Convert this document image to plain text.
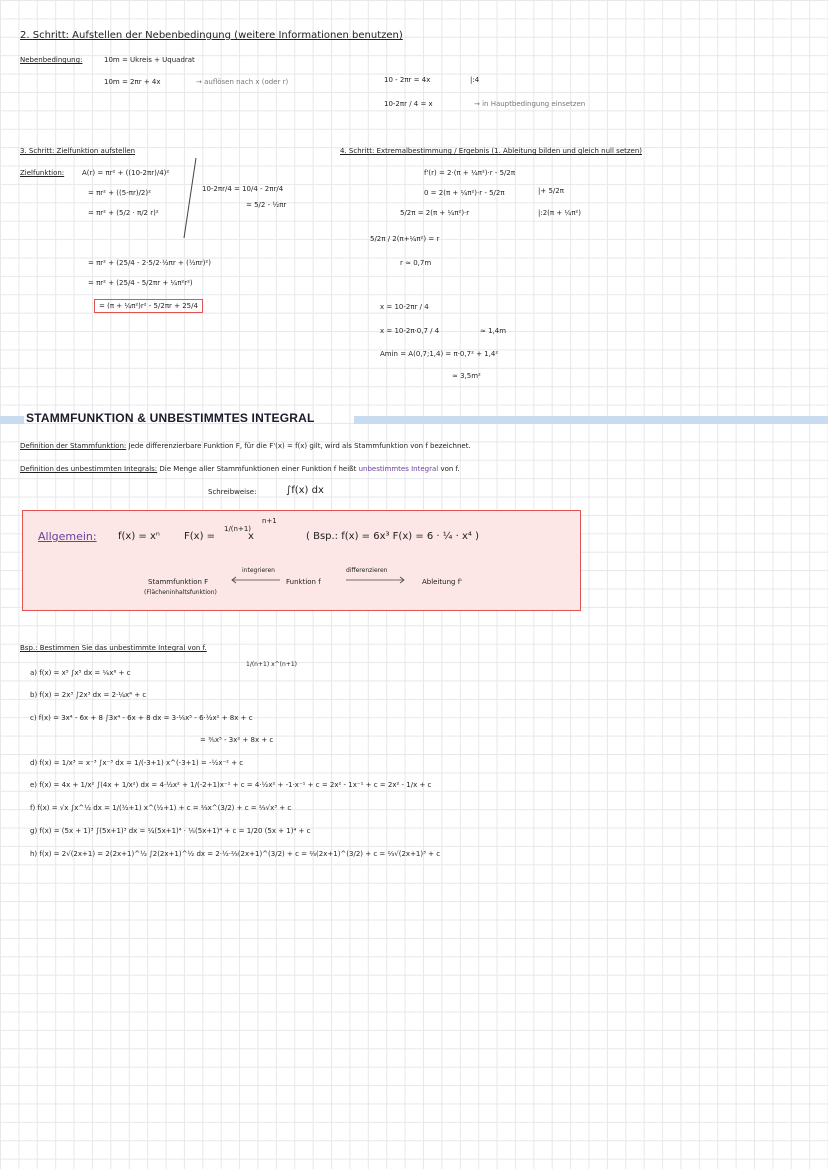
2. Schritt: Aufstellen der Nebenbedingung (weitere Informationen benutzen)
Nebenbedingung:	10m = Ukreis + Uquadrat
10m = 2πr + 4x	→ auflösen nach x (oder r)	10 - 2πr = 4x	|:4
10-2πr / 4 = x	→ in Hauptbedingung einsetzen
3. Schritt: Zielfunktion aufstellen
Zielfunktion:	A(r) = πr² + ((10-2πr)/4)²
= πr² + ((5-πr)/2)²
= πr² + (5/2 · π/2 r)²
10-2πr/4 = 10/4 - 2πr/4
= 5/2 - ½πr
= πr² + (25/4 - 2·5/2·½πr + (½πr)²)
= πr² + (25/4 - 5/2πr + ¼π²r²)
= (π + ¼π²)r² - 5/2πr + 25/4
4. Schritt: Extremalbestimmung / Ergebnis (1. Ableitung bilden und gleich null setzen)
f'(r) = 2·(π + ¼π²)·r - 5/2π
0 = 2(π + ¼π²)·r - 5/2π	|+ 5/2π
5/2π = 2(π + ¼π²)·r	|:2(π + ¼π²)
5/2π / 2(π+¼π²) = r
r ≈ 0,7m
x = 10-2πr / 4
x = 10-2π·0,7 / 4	≈ 1,4m
Amin = A(0,7;1,4) = π·0,7² + 1,4²
≈ 3,5m²
STAMMFUNKTION & UNBESTIMMTES INTEGRAL
Definition der Stammfunktion: Jede differenzierbare Funktion F, für die F'(x) = f(x) gilt, wird als Stammfunktion von f bezeichnet.
Definition des unbestimmten Integrals: Die Menge aller Stammfunktionen einer Funktion f heißt unbestimmtes Integral von f.
Schreibweise:	∫f(x) dx
Allgemein: f(x) = xⁿ F(x) =
1/(n+1)
x
n+1
( Bsp.: f(x) = 6x³ F(x) = 6 · ¼ · x⁴ )
Stammfunktion F
(Flächeninhaltsfunktion)
integrieren
Funktion f
differenzieren
Ableitung f'
Bsp.: Bestimmen Sie das unbestimmte Integral von f.
1/(n+1) x^(n+1)
a) f(x) = x⁵ ∫x⁵ dx = ⅙x⁶ + c
b) f(x) = 2x³ ∫2x³ dx = 2·¼x⁴ + c
c) f(x) = 3x⁴ - 6x + 8 ∫3x⁴ - 6x + 8 dx = 3·⅕x⁵ - 6·½x² + 8x + c
= ⅗x⁵ - 3x² + 8x + c
d) f(x) = 1/x³ = x⁻³ ∫x⁻³ dx = 1/(-3+1) x^(-3+1) = -½x⁻² + c
e) f(x) = 4x + 1/x² ∫(4x + 1/x²) dx = 4·½x² + 1/(-2+1)x⁻¹ + c = 4·½x² + -1·x⁻¹ + c = 2x² - 1x⁻¹ + c = 2x² - 1/x + c
f) f(x) = √x ∫x^½ dx = 1/(½+1) x^(½+1) + c = ⅔x^(3/2) + c = ⅔√x³ + c
g) f(x) = (5x + 1)³ ∫(5x+1)³ dx = ¼(5x+1)⁴ · ⅕(5x+1)⁴ + c = 1/20 (5x + 1)⁴ + c
h) f(x) = 2√(2x+1) = 2(2x+1)^½ ∫2(2x+1)^½ dx = 2·½·⅔(2x+1)^(3/2) + c = ⅔(2x+1)^(3/2) + c = ⅔√(2x+1)³ + c
